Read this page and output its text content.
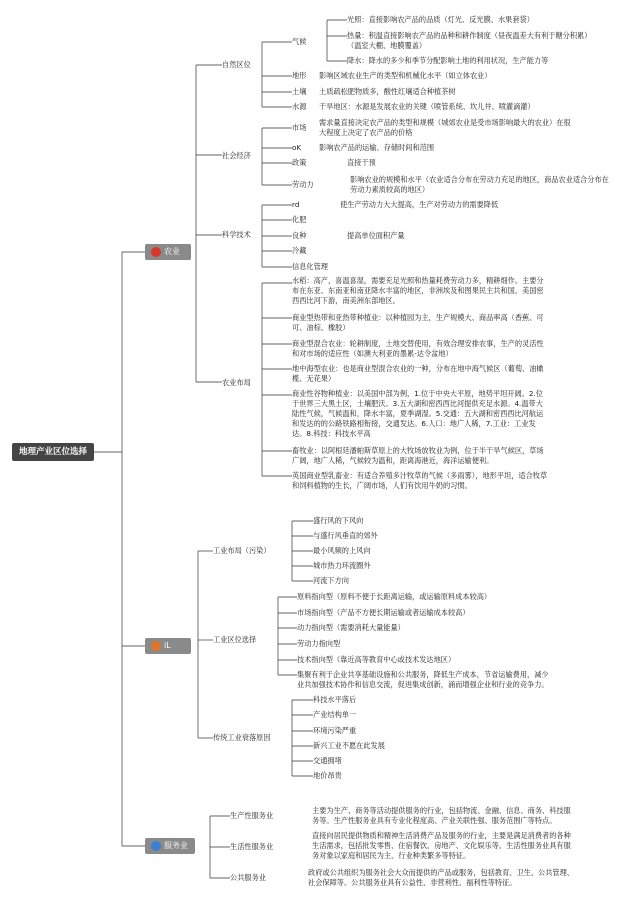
地理产业区位选择
农业
自然区位
气候
光照：直接影响农产品的品质（灯光、反光膜、水果套袋）
热量：积温直接影响农产品的品种和耕作制度（昼夜温差大有利于糖分积累）（温室大棚、地膜覆盖）
降水：降水的多少和季节分配影响土地的利用状况，生产能力等
地形 影响区域农业生产的类型和机械化水平（如立体农业）
土壤 土质疏松肥物质多，酸性红壤适合种植茶树
水源 干旱地区：水源是发展农业的关键（喷管系统、坎儿井、喷灌滴灌）
社会经济
市场
需求量直接决定农产品的类型和规模（城郊农业是受市场影响最大的农业）在很大程度上决定了农产品的价格
oK 影响农产品的运输、存储时间和范围
政策	直接干预
劳动力
影响农业的规模和水平（农业适合分布在劳动力充足的地区，商品农业适合分布在劳动力素质较高的地区）
科学技术
rd	使生产劳动力大大提高，生产对劳动力的需要降低
化肥
良种	提高单位面积产量
冷藏
信息化管理
农业布局
水稻：高产，喜温喜湿，需要充足光照和热量耗费劳动力多，精耕细作。主要分布在东亚、东南亚和南亚降水丰富的地区，非洲埃及和图果民主共和国，美国密西西比河下游，南美洲东部地区。
商业型热带和亚热带种植业：以种植园为主，生产规模大、商品率高（香蕉、可可、油棕、橡胶）
商业型混合农业：轮耕制度，土地交替使用，有效合理安排农事，生产的灵活性和对市场的适应性（如澳大利亚的墨累-达令盆地）
地中海型农业：也是商业型混合农业的一种，分布在地中海气候区（葡萄、油橄榄、无花果）
商业性谷物种植业：以美国中部为例，1.位于中央大平原，地势平坦开阔。2.位于世界三大黑土区，土壤肥沃。3.五大湖和密西西比河提供充足水源。4.温带大陆性气候，气候温和，降水丰富，夏季湖湿。5.交通：五大湖和密西西比河航运和发达的的公路铁路相衔接，交通发达。6.人口：地广人稀，7.工业：工业发达。8.科技：科技水平高
畜牧业：以阿根廷潘帕斯草原上的大牧场放牧业为例，位于半干旱气候区，草场广阔，地广人稀，气候较为温和，距离海港近，海洋运输便利。
英国商业型乳畜业：有适合养殖多汁牧草的气候（多雨雾），地形平坦，适合牧草和饲料植物的生长，广阔市场，人们有饮用牛奶的习惯。
iL
工业布局（污染）
盛行风的下风向
与盛行风垂直的郊外
最小风频的上风向
城市热力环流圈外
河流下方向
工业区位选择
原料指向型（原料不便于长距离运输，或运输原料成本较高）
市场指向型（产品不方便长期运输或者运输成本较高）
动力指向型（需要消耗大量能量）
劳动力指向型
技术指向型（靠近高等教育中心或技术发达地区）
集聚有利于企业共享基础设施和公共服务，降低生产成本，节省运输费用，减少业共加强技术协作和信息交流，促进集成创新，涌而增强企业和行业的竞争力。
传统工业衰落原因
科技水平落后
产业结构单一
环境污染严重
新兴工业不愿在此发展
交通拥堵
地价昂贵
服务业
生产性服务业
主要为生产、商务等活动提供服务的行业，包括物流、金融、信息、商务、科技服务等。生产性服务业具有专业化程度高、产业关联性强、服务范围广等特点。
生活性服务业
直接向居民提供物质和精神生活消费产品及服务的行业，主要是满足消费者的各种生活需求，包括批发零售、住宿餐饮、房地产、文化娱乐等。生活性服务业具有服务对象以家庭和居民为主、行业种类繁多等特征。
公共服务业
政府或公共组织为服务社会大众而提供的产品或服务，包括教育、卫生、公共管理、社会保障等。公共服务业具有公益性、非营利性、福利性等特征。
